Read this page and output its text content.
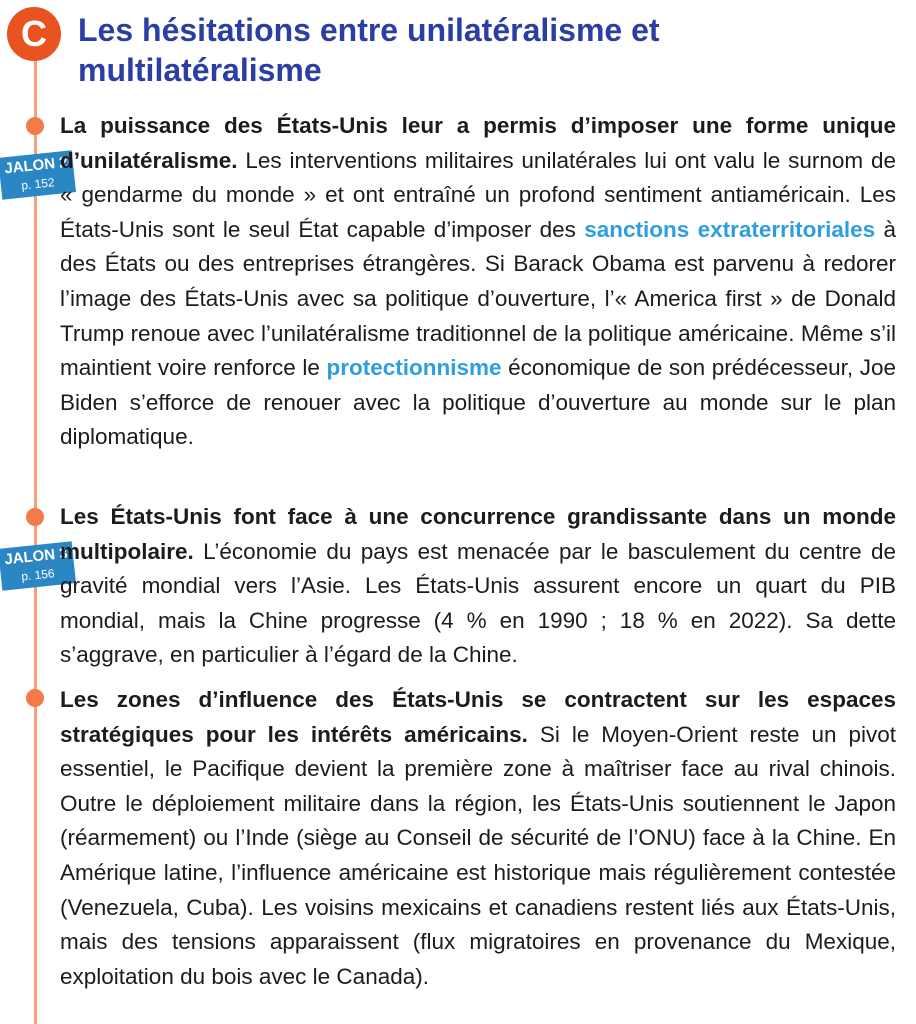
C Les hésitations entre unilatéralisme et multilatéralisme
JALON 2
p. 152

La puissance des États-Unis leur a permis d’imposer une forme unique d’unilatéralisme. Les interventions militaires unilatérales lui ont valu le surnom de « gendarme du monde » et ont entraîné un profond sentiment antiaméricain. Les États-Unis sont le seul État capable d’imposer des sanctions extraterritoriales à des États ou des entreprises étrangères. Si Barack Obama est parvenu à redorer l’image des États-Unis avec sa politique d’ouverture, l’« America first » de Donald Trump renoue avec l’unilatéralisme traditionnel de la politique américaine. Même s’il maintient voire renforce le protectionnisme économique de son prédécesseur, Joe Biden s’efforce de renouer avec la politique d’ouverture au monde sur le plan diplomatique.

JALON 3
p. 156

Les États-Unis font face à une concurrence grandissante dans un monde multipolaire. L’économie du pays est menacée par le basculement du centre de gravité mondial vers l’Asie. Les États-Unis assurent encore un quart du PIB mondial, mais la Chine progresse (4 % en 1990 ; 18 % en 2022). Sa dette s’aggrave, en particulier à l’égard de la Chine.

Les zones d’influence des États-Unis se contractent sur les espaces stratégiques pour les intérêts américains. Si le Moyen-Orient reste un pivot essentiel, le Pacifique devient la première zone à maîtriser face au rival chinois. Outre le déploiement militaire dans la région, les États-Unis soutiennent le Japon (réarmement) ou l’Inde (siège au Conseil de sécurité de l’ONU) face à la Chine. En Amérique latine, l’influence américaine est historique mais régulièrement contestée (Venezuela, Cuba). Les voisins mexicains et canadiens restent liés aux États-Unis, mais des tensions apparaissent (flux migratoires en provenance du Mexique, exploitation du bois avec le Canada).
